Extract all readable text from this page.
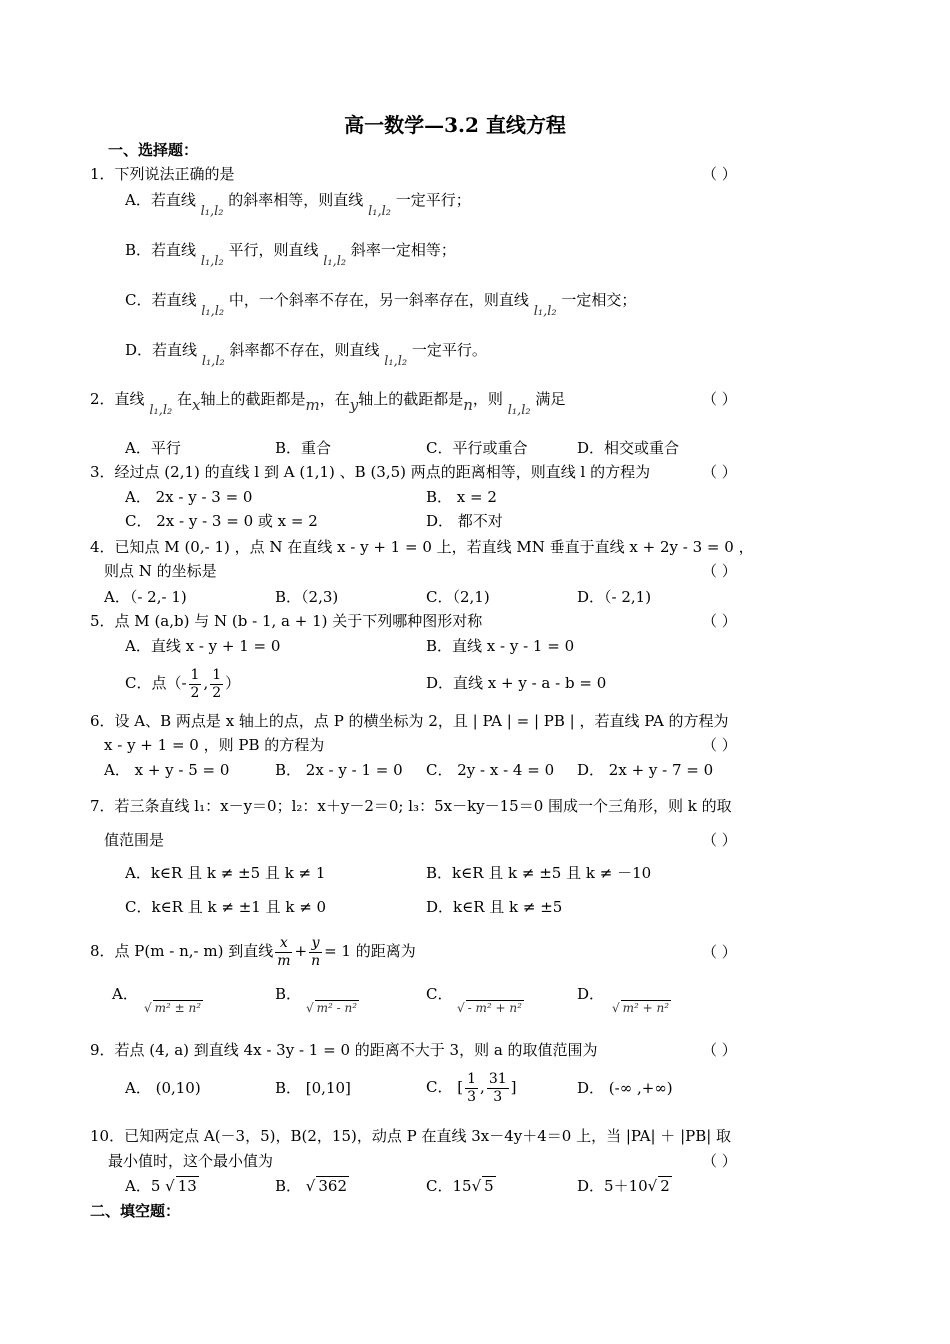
高一数学—3.2 直线方程
一、选择题：
1．下列说法正确的是	（ ）
A．若直线 l₁,l₂ 的斜率相等，则直线 l₁,l₂ 一定平行；
B．若直线 l₁,l₂ 平行，则直线 l₁,l₂ 斜率一定相等；
C．若直线 l₁,l₂ 中，一个斜率不存在，另一斜率存在，则直线 l₁,l₂ 一定相交；
D．若直线 l₁,l₂ 斜率都不存在，则直线 l₁,l₂ 一定平行。
2．直线 l₁,l₂ 在x轴上的截距都是m，在y轴上的截距都是n，则 l₁,l₂ 满足	（ ）
A．平行	B．重合	C．平行或重合	D．相交或重合
3．经过点 (2,1) 的直线 l 到 A (1,1) 、B (3,5) 两点的距离相等，则直线 l 的方程为	（ ）
A． 2x - y - 3 = 0	B． x = 2
C． 2x - y - 3 = 0 或 x = 2	D． 都不对
4．已知点 M (0,- 1) ，点 N 在直线 x - y + 1 = 0 上，若直线 MN 垂直于直线 x + 2y - 3 = 0 ，
则点 N 的坐标是	（ ）
A．（- 2,- 1)	B．（2,3)	C．（2,1)	D．（- 2,1)
5．点 M (a,b) 与 N (b - 1, a + 1) 关于下列哪种图形对称	（ ）
A．直线 x - y + 1 = 0	B．直线 x - y - 1 = 0
C．点（- $\frac{1}{2}$ , $\frac{1}{2}$ ）	D．直线 x + y - a - b = 0
6．设 A、B 两点是 x 轴上的点，点 P 的横坐标为 2，且 | PA | = | PB | ，若直线 PA 的方程为
x - y + 1 = 0 ，则 PB 的方程为	（ ）
A． x + y - 5 = 0	B． 2x - y - 1 = 0 C． 2y - x - 4 = 0 D． 2x + y - 7 = 0
7．若三条直线 l₁：x－y＝0；l₂：x＋y－2＝0; l₃：5x－ky－15＝0 围成一个三角形，则 k 的取
值范围是	（ ）
A．k∈R 且 k ≠ ±5 且 k ≠ 1	B．k∈R 且 k ≠ ±5 且 k ≠ －10
C．k∈R 且 k ≠ ±1 且 k ≠ 0	D．k∈R 且 k ≠ ±5
8．点 P(m - n,- m) 到直线 $\frac{x}{m} + \frac{y}{n} = 1$ 的距离为	（ ）
A．
√ m² ± n²
B．
√ m² - n²
C．
√ - m² + n²
D．
√ m² + n²
9．若点 (4, a) 到直线 4x - 3y - 1 = 0 的距离不大于 3，则 a 的取值范围为	（ ）
A． (0,10)	B． [0,10]	C． [ $\frac{1}{3}$ , $\frac{31}{3}$ ]	D． (-∞ ,+∞)
10．已知两定点 A(－3，5)，B(2，15)，动点 P 在直线 3x－4y＋4＝0 上，当 |PA| ＋ |PB| 取
最小值时，这个最小值为	（ ）
A．5 √ 13	B． √ 362	C．15√ 5	D．5＋10√ 2
二、填空题：
